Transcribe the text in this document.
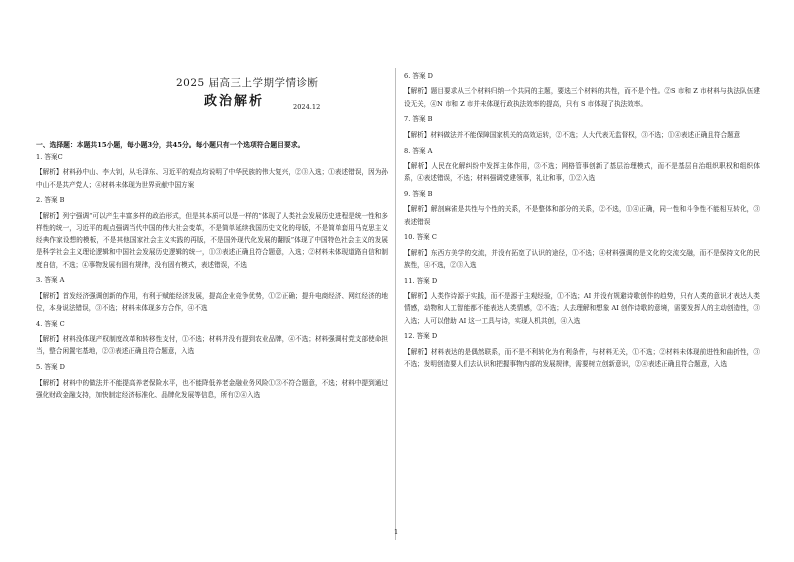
2025 届高三上学期学情诊断
政治解析	2024.12
一、选择题：本题共15小题，每小题3分，共45分。每小题只有一个选项符合题目要求。
1. 答案C
【解析】材料孙中山、李大钊，从毛泽东、习近平的观点均说明了中华民族的伟大复兴，②③入选；①表述错误，因为孙中山不是共产党人；④材料未体现为世界贡献中国方案
2. 答案 B
【解析】列宁强调“可以产生丰富多样的政治形式，但是其本质可以是一样的”体现了人类社会发展历史进程是统一性和多样性的统一，习近平的观点强调当代中国的伟大社会变革，不是简单延续我国历史文化的母版，不是简单套用马克思主义经典作家设想的模板，不是其他国家社会主义实践的再版，不是国外现代化发展的翻版”体现了中国特色社会主义的发展是科学社会主义理论逻辑和中国社会发展历史逻辑的统一，①③表述正确且符合题意，入选；②材料未体现道路自信和制度自信，不选；④事物发展有固有规律，没有固有模式，表述错误，不选
3. 答案 A
【解析】首发经济强调创新的作用，有利于赋能经济发展，提高企业竞争优势，①②正确；提升电商经济、网红经济的地位，本身说法错误，③不选；材料未体现多方合作，④不选
4. 答案 C
【解析】材料没体现产权制度改革和转移性支付，①不选；材料并没有提到农业品牌，④不选；材料强调村党支部使命担当，整合闲置宅基地，②③表述正确且符合题意，入选
5. 答案 D
【解析】材料中的做法并不能提高养老保险水平，也不能降低养老金融业务风险①③不符合题意，不选；材料中提到通过强化财政金融支持，加快制定经济标准化、品牌化发展等信息，所有②④入选
6. 答案 D
【解析】题目要求从三个材料归纳一个共同的主题，要选三个材料的共性，而不是个性。②S 市和 Z 市材料与执法队伍建设无关，④N 市和 Z 市并未体现行政执法效率的提高，只有 S 市体现了执法效率。
7. 答案 B
【解析】材料做法并不能保障国家机关的高效运转，②不选；人大代表无监督权，③不选；①④表述正确且符合题意
8. 答案 A
【解析】人民在化解纠纷中发挥主体作用，③不选；网格管事创新了基层治理模式，而不是基层自治组织职权和组织体系，④表述错误，不选；材料强调党建领事，礼让和事，①②入选
9. 答案 B
【解析】解剖麻雀是共性与个性的关系，不是整体和部分的关系，②不选，①④正确，同一性和斗争性不能相互转化，③表述错误
10. 答案 C
【解析】东西方美学的交流，并没有拓宽了认识的途径，①不选；④材料强调的是文化的交流交融，而不是保持文化的民族性，④不选，②③入选
11. 答案 D
【解析】人类作诗源于实践，而不是源于主观经验，①不选；AI 并没有规避诗歌创作的趋势，只有人类的意识才表达人类情感，动物和人工智能都不能表达人类情感，②不选；人去理解和想象 AI 创作诗歌的意境，需要发挥人的主动创造性，③入选；人可以借助 AI 这一工具与诗，实现人机共创，④入选
12. 答案 D
【解析】材料表达的是偶然联系，而不是不利转化为有利条件，与材料无关，①不选；②材料未体现前进性和曲折性，③不选；发明创造要人们去认识和把握事物内部的发展规律，需要树立创新意识，②④表述正确且符合题意，入选
1
